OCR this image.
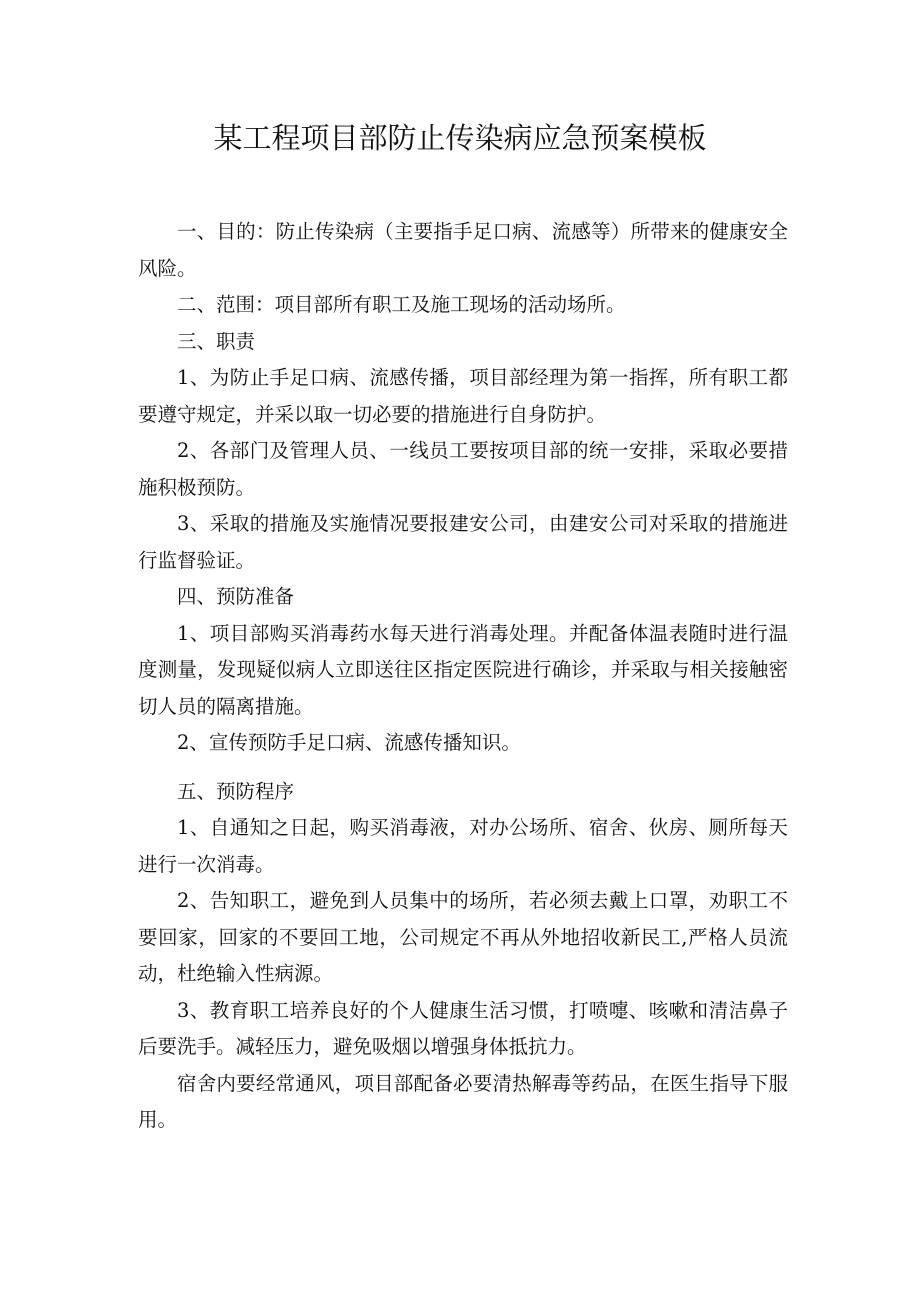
某工程项目部防止传染病应急预案模板

一、目的：防止传染病（主要指手足口病、流感等）所带来的健康安全风险。

二、范围：项目部所有职工及施工现场的活动场所。

三、职责

1、为防止手足口病、流感传播，项目部经理为第一指挥，所有职工都要遵守规定，并采以取一切必要的措施进行自身防护。

2、各部门及管理人员、一线员工要按项目部的统一安排，采取必要措施积极预防。

3、采取的措施及实施情况要报建安公司，由建安公司对采取的措施进行监督验证。

四、预防准备

1、项目部购买消毒药水每天进行消毒处理。并配备体温表随时进行温度测量，发现疑似病人立即送往区指定医院进行确诊，并采取与相关接触密切人员的隔离措施。

2、宣传预防手足口病、流感传播知识。

五、预防程序

1、自通知之日起，购买消毒液，对办公场所、宿舍、伙房、厕所每天进行一次消毒。

2、告知职工，避免到人员集中的场所，若必须去戴上口罩，劝职工不要回家，回家的不要回工地，公司规定不再从外地招收新民工,严格人员流动，杜绝输入性病源。

3、教育职工培养良好的个人健康生活习惯，打喷嚏、咳嗽和清洁鼻子后要洗手。减轻压力，避免吸烟以增强身体抵抗力。

宿舍内要经常通风，项目部配备必要清热解毒等药品，在医生指导下服用。
